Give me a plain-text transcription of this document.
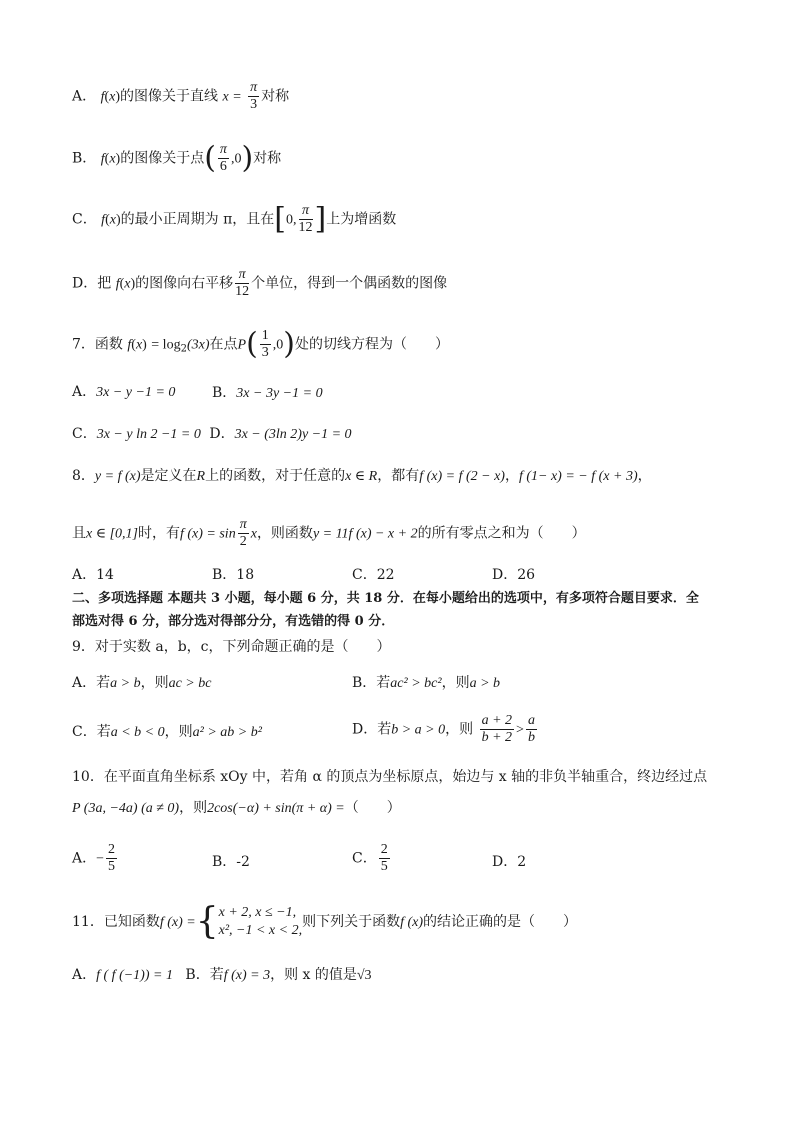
A． f(x)的图像关于直线 $x = \frac{\pi}{3}$ 对称
B． f(x)的图像关于点( $\frac{\pi}{6} ,0$)对称
C． f(x)的最小正周期为 π，且在[0, $\frac{\pi}{12}$ ]上为增函数
D．把 f(x)的图像向右平移 $\frac{\pi}{12}$ 个单位，得到一个偶函数的图像
7．函数 $f(x) = \log_2(3x)$在点$P( \frac{1}{3} ,0)$处的切线方程为（　　）
A．3x − y −1 = 0	B．3x − 3y −1 = 0
C．3x − y ln 2 −1 = 0 D．3x − (3ln 2)y −1 = 0
8．y = f (x)是定义在R上的函数，对于任意的x ∈ R，都有f (x) = f (2 − x)，f (1− x) = − f (x + 3)，
且x ∈ [0,1]时，有f $(x) = \sin \frac{\pi}{2}$ x，则函数y = 11f (x) − x + 2的所有零点之和为（　　）
A．14	B．18	C．22	D．26
二、多项选择题 本题共 3 小题，每小题 6 分，共 18 分．在每小题给出的选项中，有多项符合题目要求．全
部选对得 6 分，部分选对得部分分，有选错的得 0 分．
9．对于实数 a，b，c，下列命题正确的是（　　）
A．若a > b，则ac > bc	B．若ac² > bc²，则a > b
C．若a < b < 0，则a² > ab > b²	D．若b > a > 0，则 $\frac{a + 2}{b + 2} > \frac{a}{b}$
10．在平面直角坐标系 xOy 中，若角 α 的顶点为坐标原点，始边与 x 轴的非负半轴重合，终边经过点
P (3a, −4a) (a ≠ 0)，则2cos(−α) + sin(π + α) =（　　）
A．− $\frac{2}{5}$	B．-2	C． $\frac{2}{5}$	D．2
11．已知函数f (x) ={ x + 2, x ≤ −1,
x², −1 < x < 2,
则下列关于函数f (x)的结论正确的是（　　）
A．f ( f (−1)) = 1 B．若f (x) = 3，则 x 的值是√3
